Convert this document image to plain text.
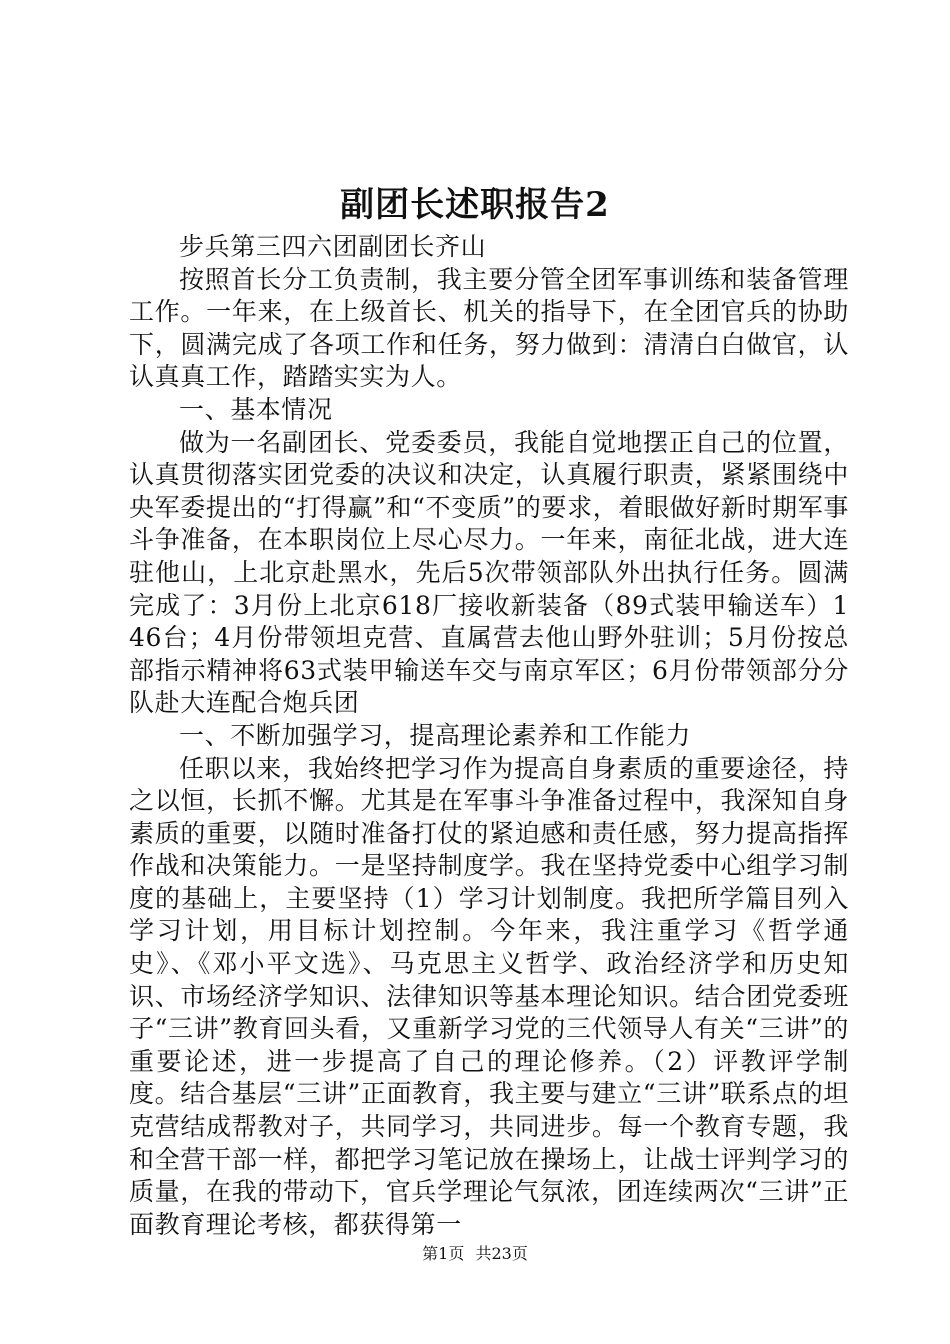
副团长述职报告2

步兵第三四六团副团长齐山

按照首长分工负责制，我主要分管全团军事训练和装备管理工作。一年来，在上级首长、机关的指导下，在全团官兵的协助下，圆满完成了各项工作和任务，努力做到：清清白白做官，认认真真工作，踏踏实实为人。

一、基本情况

做为一名副团长、党委委员，我能自觉地摆正自己的位置，认真贯彻落实团党委的决议和决定，认真履行职责，紧紧围绕中央军委提出的“打得赢”和“不变质”的要求，着眼做好新时期军事斗争准备，在本职岗位上尽心尽力。一年来，南征北战，进大连驻他山，上北京赴黑水，先后5次带领部队外出执行任务。圆满完成了：3月份上北京618厂接收新装备（89式装甲输送车）146台；4月份带领坦克营、直属营去他山野外驻训；5月份按总部指示精神将63式装甲输送车交与南京军区；6月份带领部分分队赴大连配合炮兵团

一、不断加强学习，提高理论素养和工作能力

任职以来，我始终把学习作为提高自身素质的重要途径，持之以恒，长抓不懈。尤其是在军事斗争准备过程中，我深知自身素质的重要，以随时准备打仗的紧迫感和责任感，努力提高指挥作战和决策能力。一是坚持制度学。我在坚持党委中心组学习制度的基础上，主要坚持（1）学习计划制度。我把所学篇目列入学习计划，用目标计划控制。今年来，我注重学习《哲学通史》、《邓小平文选》、马克思主义哲学、政治经济学和历史知识、市场经济学知识、法律知识等基本理论知识。结合团党委班子“三讲”教育回头看，又重新学习党的三代领导人有关“三讲”的重要论述，进一步提高了自己的理论修养。（2）评教评学制度。结合基层“三讲”正面教育，我主要与建立“三讲”联系点的坦克营结成帮教对子，共同学习，共同进步。每一个教育专题，我和全营干部一样，都把学习笔记放在操场上，让战士评判学习的质量，在我的带动下，官兵学理论气氛浓，团连续两次“三讲”正面教育理论考核，都获得第一

第1页 共23页
